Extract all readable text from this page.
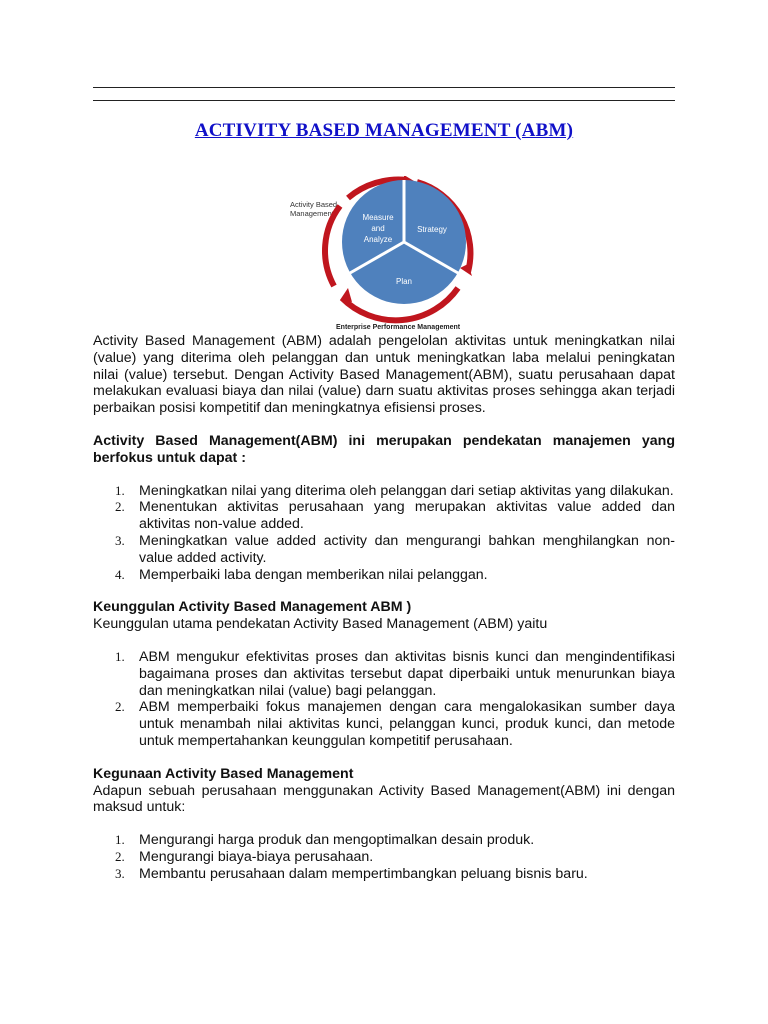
ACTIVITY BASED MANAGEMENT (ABM)
Activity Based Management	Measure
and
Analyze
Strategy
Plan
Enterprise Performance Management

Activity Based Management (ABM) adalah pengelolan aktivitas untuk meningkatkan nilai (value) yang diterima oleh pelanggan dan untuk meningkatkan laba melalui peningkatan nilai (value) tersebut. Dengan Activity Based Management(ABM), suatu perusahaan dapat melakukan evaluasi biaya dan nilai (value) darn suatu aktivitas proses sehingga akan terjadi perbaikan posisi kompetitif dan meningkatnya efisiensi proses.

Activity Based Management(ABM) ini merupakan pendekatan manajemen yang berfokus untuk dapat :

1. Meningkatkan nilai yang diterima oleh pelanggan dari setiap aktivitas yang dilakukan.
2. Menentukan aktivitas perusahaan yang merupakan aktivitas value added dan aktivitas non-value added.
3. Meningkatkan value added activity dan mengurangi bahkan menghilangkan non-value added activity.
4. Memperbaiki laba dengan memberikan nilai pelanggan.

Keunggulan Activity Based Management ABM )

Keunggulan utama pendekatan Activity Based Management (ABM) yaitu

1. ABM mengukur efektivitas proses dan aktivitas bisnis kunci dan mengindentifikasi bagaimana proses dan aktivitas tersebut dapat diperbaiki untuk menurunkan biaya dan meningkatkan nilai (value) bagi pelanggan.
2. ABM memperbaiki fokus manajemen dengan cara mengalokasikan sumber daya untuk menambah nilai aktivitas kunci, pelanggan kunci, produk kunci, dan metode untuk mempertahankan keunggulan kompetitif perusahaan.

Kegunaan Activity Based Management

Adapun sebuah perusahaan menggunakan Activity Based Management(ABM) ini dengan maksud untuk:

1. Mengurangi harga produk dan mengoptimalkan desain produk.
2. Mengurangi biaya-biaya perusahaan.
3. Membantu perusahaan dalam mempertimbangkan peluang bisnis baru.
